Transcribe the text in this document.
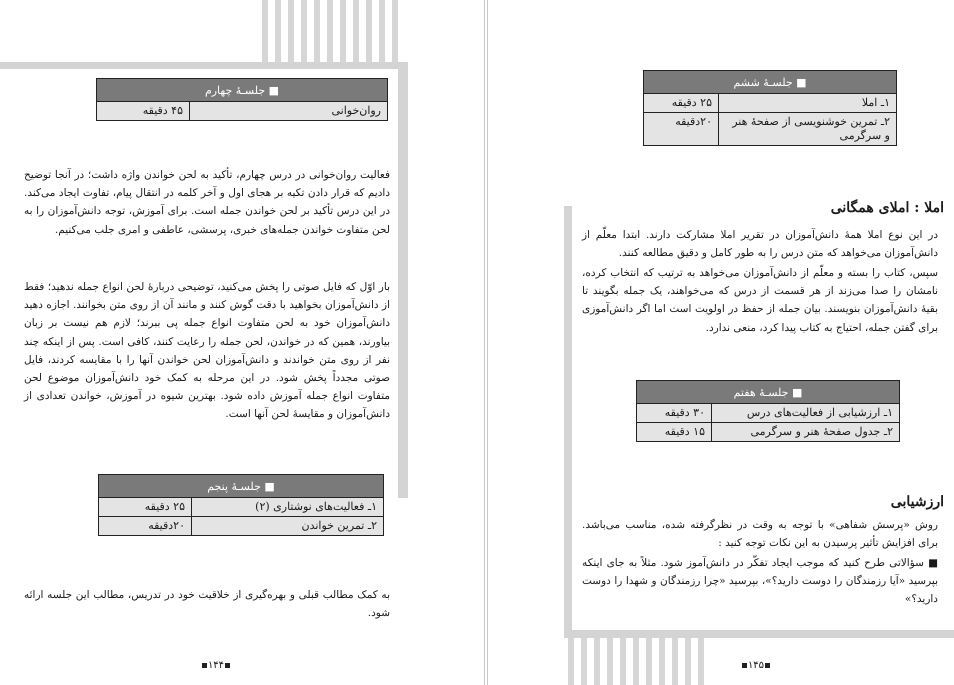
■ جلسـهٔ چهارم
روان‌خوانی	۴۵ دقیقه
فعالیت روان‌خوانی در درس چهارم، تأکید به لحن خواندن واژه داشت؛ در آنجا توضیح دادیم که قرار دادن تکیه بر هجای اول و آخر کلمه در انتقال پیام، تفاوت ایجاد می‌کند. در این درس تأکید بر لحن خواندن جمله است. برای آموزش، توجه دانش‌آموزان را به لحن متفاوت خواندن جمله‌های خبری، پرسشی، عاطفی و امری جلب می‌کنیم.
بار اوّل که فایل صوتی را پخش می‌کنید، توضیحی دربارهٔ لحن انواع جمله ندهید؛ فقط از دانش‌آموزان بخواهید با دقت گوش کنند و مانند آن از روی متن بخوانند. اجازه دهید دانش‌آموزان خود به لحن متفاوت انواع جمله پی ببرند؛ لازم هم نیست بر زبان بیاورند، همین که در خواندن، لحن جمله را رعایت کنند، کافی است. پس از اینکه چند نفر از روی متن خواندند و دانش‌آموزان لحن خواندن آنها را با مقایسه کردند، فایل صوتی مجدداً پخش شود. در این مرحله به کمک خود دانش‌آموزان موضوع لحن متفاوت انواع جمله آموزش داده شود. بهترین شیوه در آموزش، خواندن تعدادی از دانش‌آموزان و مقایسهٔ لحن آنها است.
■ جلسـهٔ پنجم	
۱ـ فعالیت‌های نوشتاری (۲)	۲۵ دقیقه
۲ـ تمرین خواندن	۲۰دقیقه
به کمک مطالب قبلی و بهره‌گیری از خلاقیت خود در تدریس، مطالب این جلسه ارائه شود.
۱۴۴
■ جلسـهٔ ششم	
۱ـ املا	۲۵ دقیقه
۲ـ تمرین خوشنویسی از صفحهٔ هنر و سرگرمی	۲۰دقیقه
املا : املای همگانی
در این نوع املا همهٔ دانش‌آموزان در تقریر املا مشارکت دارند. ابتدا معلّم از دانش‌آموزان می‌خواهد که متن درس را به طور کامل و دقیق مطالعه کنند.
سپس، کتاب را بسته و معلّم از دانش‌آموزان می‌خواهد به ترتیب که انتخاب کرده، نامشان را صدا می‌زند از هر قسمت از درس که می‌خواهند، یک جمله بگویند تا بقیهٔ دانش‌آموزان بنویسند. بیان جمله از حفظ در اولویت است اما اگر دانش‌آموزی برای گفتن جمله، احتیاج به کتاب پیدا کرد، منعی ندارد.
■ جلسـهٔ هفتم	
۱ـ ارزشیابی از فعالیت‌های درس	۳۰ دقیقه
۲ـ جدول صفحهٔ هنر و سرگرمی	۱۵ دقیقه
ارزشیابی
روش «پرسش شفاهی» با توجه به وقت در نظرگرفته شده، مناسب می‌باشد. برای افزایش تأثیر پرسیدن به این نکات توجه کنید :
■ سؤالاتی طرح کنید که موجب ایجاد تفکّر در دانش‌آموز شود. مثلاً به جای اینکه بپرسید «آیا رزمندگان را دوست دارید؟»، بپرسید «چرا رزمندگان و شهدا را دوست دارید؟»
۱۴۵
